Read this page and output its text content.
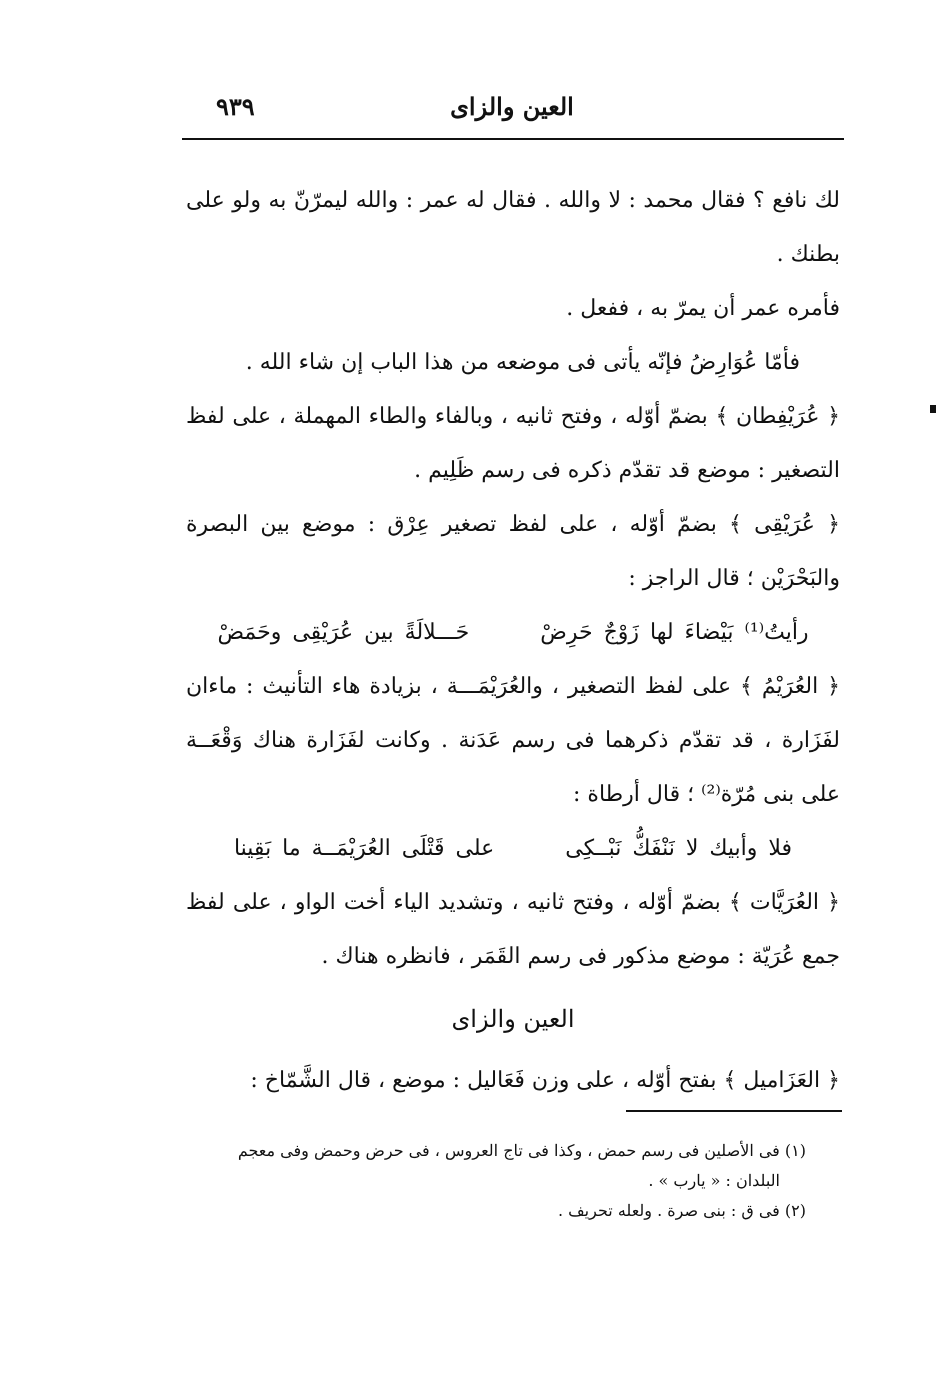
العين والزاى
٩٣٩

لك نافع ؟ فقال محمد : لا والله . فقال له عمر : والله ليمرّنّ به ولو على بطنك .

فأمره عمر أن يمرّ به ، ففعل .

فأمّا عُوَارِضُ فإنّه يأتى فى موضعه من هذا الباب إن شاء الله .

﴿ عُرَيْفِطان ﴾ بضمّ أوّله ، وفتح ثانيه ، وبالفاء والطاء المهملة ، على لفظ التصغير : موضع قد تقدّم ذكره فى رسم ظَلِيم .

﴿ عُرَيْقِى ﴾ بضمّ أوّله ، على لفظ تصغير عِرْق : موضع بين البصرة والبَحْرَيْن ؛ قال الراجز :

رأيتُ⁽¹⁾ بَيْضاءَ لها زَوْجٌ حَرِضْ حَـــلالَةً بين عُرَيْقِى وحَمَضْ

﴿ العُرَيْمُ ﴾ على لفظ التصغير ، والعُرَيْمَـــة ، بزيادة هاء التأنيث : ماءان لفَزَارة ، قد تقدّم ذكرهما فى رسم عَدَنة . وكانت لفَزَارة هناك وَقْعَــة على بنى مُرّة⁽²⁾ ؛ قال أرطاة :

فلا وأبيك لا نَنْفَكُّ نَبْــكِى على قَتْلَى العُرَيْمَــة ما بَقِينا

﴿ العُرَيَّات ﴾ بضمّ أوّله ، وفتح ثانيه ، وتشديد الياء أخت الواو ، على لفظ جمع عُرَيّة : موضع مذكور فى رسم القَمَر ، فانظره هناك .

العين والزاى

﴿ العَزَاميل ﴾ بفتح أوّله ، على وزن فَعَاليل : موضع ، قال الشَّمّاخ :

(١) فى الأصلين فى رسم حمض ، وكذا فى تاج العروس ، فى حرض وحمض وفى معجم

البلدان : « يارب » .

(٢) فى ق : بنى صرة . ولعله تحريف .
